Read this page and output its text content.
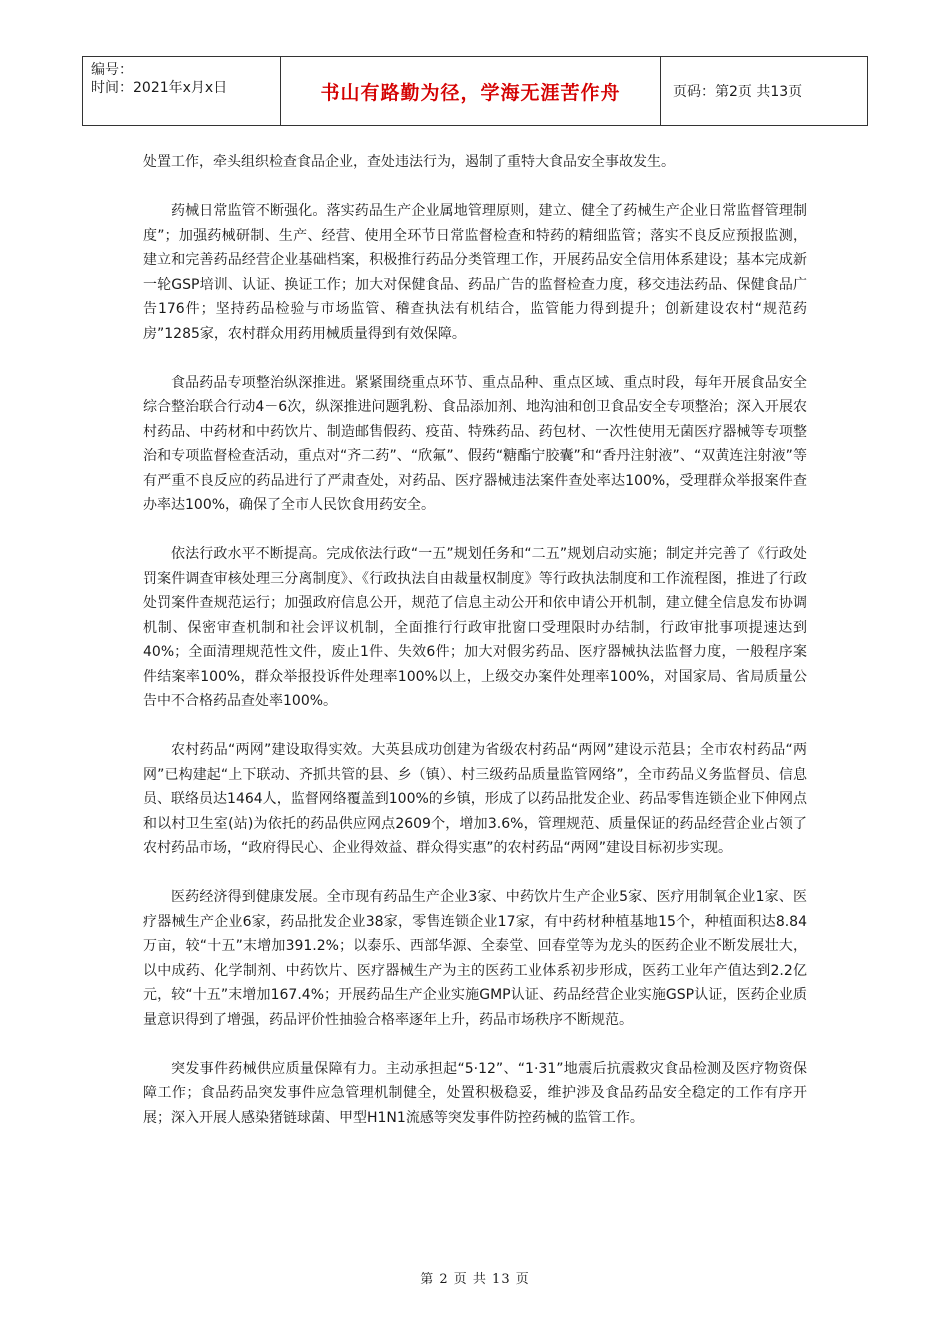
编号：
时间：2021年x月x日	书山有路勤为径，学海无涯苦作舟	页码：第2页 共13页

处置工作，牵头组织检查食品企业，查处违法行为，遏制了重特大食品安全事故发生。

药械日常监管不断强化。落实药品生产企业属地管理原则，建立、健全了药械生产企业日常监督管理制度”；加强药械研制、生产、经营、使用全环节日常监督检查和特药的精细监管；落实不良反应预报监测，建立和完善药品经营企业基础档案，积极推行药品分类管理工作，开展药品安全信用体系建设；基本完成新一轮GSP培训、认证、换证工作；加大对保健食品、药品广告的监督检查力度，移交违法药品、保健食品广告176件；坚持药品检验与市场监管、稽查执法有机结合，监管能力得到提升；创新建设农村“规范药房”1285家，农村群众用药用械质量得到有效保障。

食品药品专项整治纵深推进。紧紧围绕重点环节、重点品种、重点区域、重点时段，每年开展食品安全综合整治联合行动4－6次，纵深推进问题乳粉、食品添加剂、地沟油和创卫食品安全专项整治；深入开展农村药品、中药材和中药饮片、制造邮售假药、疫苗、特殊药品、药包材、一次性使用无菌医疗器械等专项整治和专项监督检查活动，重点对“齐二药”、“欣氟”、假药“糖酯宁胶囊”和“香丹注射液”、“双黄连注射液”等有严重不良反应的药品进行了严肃查处，对药品、医疗器械违法案件查处率达100%，受理群众举报案件查办率达100%，确保了全市人民饮食用药安全。

依法行政水平不断提高。完成依法行政“一五”规划任务和“二五”规划启动实施；制定并完善了《行政处罚案件调查审核处理三分离制度》、《行政执法自由裁量权制度》等行政执法制度和工作流程图，推进了行政处罚案件查规范运行；加强政府信息公开，规范了信息主动公开和依申请公开机制，建立健全信息发布协调机制、保密审查机制和社会评议机制，全面推行行政审批窗口受理限时办结制，行政审批事项提速达到40%；全面清理规范性文件，废止1件、失效6件；加大对假劣药品、医疗器械执法监督力度，一般程序案件结案率100%，群众举报投诉件处理率100%以上，上级交办案件处理率100%，对国家局、省局质量公告中不合格药品查处率100%。

农村药品“两网”建设取得实效。大英县成功创建为省级农村药品“两网”建设示范县；全市农村药品“两网”已构建起“上下联动、齐抓共管的县、乡（镇）、村三级药品质量监管网络”，全市药品义务监督员、信息员、联络员达1464人，监督网络覆盖到100%的乡镇，形成了以药品批发企业、药品零售连锁企业下伸网点和以村卫生室(站)为依托的药品供应网点2609个，增加3.6%，管理规范、质量保证的药品经营企业占领了农村药品市场，“政府得民心、企业得效益、群众得实惠”的农村药品“两网”建设目标初步实现。

医药经济得到健康发展。全市现有药品生产企业3家、中药饮片生产企业5家、医疗用制氧企业1家、医疗器械生产企业6家，药品批发企业38家，零售连锁企业17家，有中药材种植基地15个，种植面积达8.84万亩，较“十五”末增加391.2%；以泰乐、西部华源、全泰堂、回春堂等为龙头的医药企业不断发展壮大，以中成药、化学制剂、中药饮片、医疗器械生产为主的医药工业体系初步形成，医药工业年产值达到2.2亿元，较“十五”末增加167.4%；开展药品生产企业实施GMP认证、药品经营企业实施GSP认证，医药企业质量意识得到了增强，药品评价性抽验合格率逐年上升，药品市场秩序不断规范。

突发事件药械供应质量保障有力。主动承担起“5·12”、“1·31”地震后抗震救灾食品检测及医疗物资保障工作；食品药品突发事件应急管理机制健全，处置积极稳妥，维护涉及食品药品安全稳定的工作有序开展；深入开展人感染猪链球菌、甲型H1N1流感等突发事件防控药械的监管工作。

第 2 页 共 13 页
